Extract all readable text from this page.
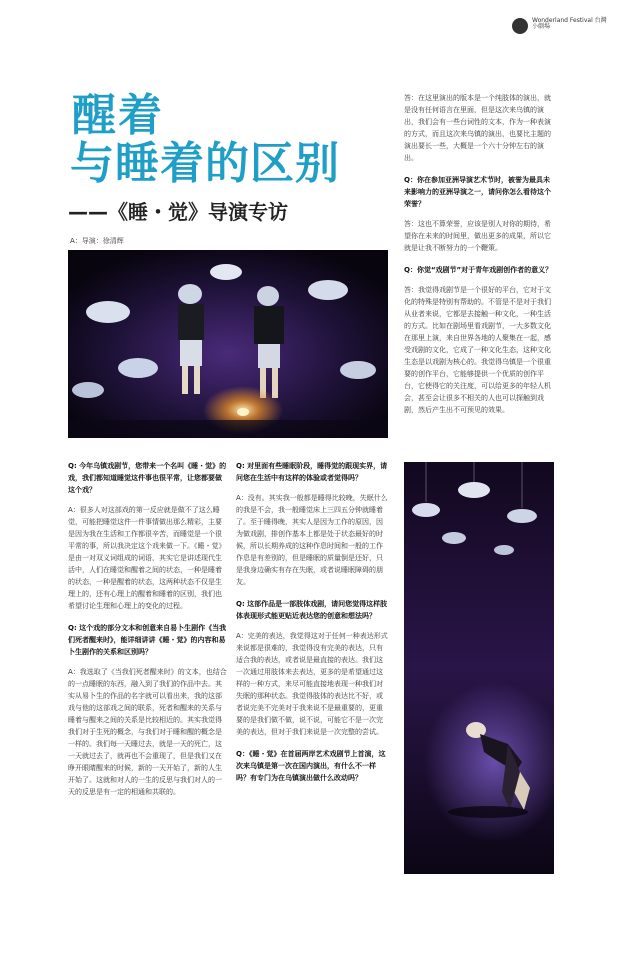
Wonderland Festival 台灣小劇場
醒着
与睡着的区别
——《睡・觉》导演专访
A：导演：徐清辉

Q: 今年乌镇戏剧节，您带来一个名叫《睡・觉》的戏，我们都知道睡觉这件事也很平常，让您都要做这个戏？

A：很多人对这部戏的第一反应就是做不了这么睡觉，可能把睡觉这件一件事情做出那么精彩，主要是因为我在生活和工作都很辛苦，而睡觉是一个很平常的事，所以我决定这个戏来做一下。《睡・觉》是由一对双义词组成的词语，其实它是讲述现代生活中，人们在睡觉和醒着之间的状态，一种是睡着的状态，一种是醒着的状态，这两种状态不仅是生理上的，还有心理上的醒着和睡着的区别，我们也希望讨论生理和心理上的变化的过程。

Q: 这个戏的部分文本和创意来自易卜生剧作《当我们死者醒来时》，能详细讲讲《睡・觉》的内容和易卜生剧作的关系和区别吗？

A：我选取了《当我们死者醒来时》的文本，也结合的一点睡眠的东西，融入到了我们的作品中去。其实从易卜生的作品的名字就可以看出来，我的这部戏与他的这部戏之间的联系，死者和醒来的关系与睡着与醒来之间的关系是比较相近的。其实我觉得我们对于生死的概念，与我们对于睡和醒的概念是一样的。我们每一天睡过去，就是一天的死亡，这一天就过去了，就再也不会重现了，但是我们又在睁开眼睛醒来的时候，新的一天开始了，新的人生开始了。这就和对人的一生的反思与我们对人的一天的反思是有一定的相通和共联的。

Q: 对里面有些睡眠阶段，睡得觉的跟现实界，请问您在生活中有这样的体验或者觉得吗？

A：没有。其实我一般都是睡得比较晚，失眠什么的我是不会，我一般睡觉床上三四五分钟就睡着了。至于睡得晚，其实人是因为工作的原因，因为做戏剧，排创作基本上都是处于状态最好的时候，所以长期养成的这种作息时间和一般的工作作息是有差别的，但是睡眠的质量倒是还好，只是我身边确实有存在失眠，或者说睡眠障碍的朋友。

Q: 这部作品是一部肢体戏剧，请问您觉得这样肢体表现形式能更贴近表达您的创意和想法吗？

A：完美的表达，我觉得这对于任何一种表达形式来说都是很难的，我觉得没有完美的表达，只有适合我的表达，或者说是最直接的表达。我们这一次通过用肢体来去表达，更多的是希望通过这样的一种方式，来尽可能直接地表现一种我们对失眠的那种状态。我觉得肢体的表达比不好，或者说完美不完美对于我来说不是最重要的，更重要的是我们做不做，说不说，可能它不是一次完美的表达，但对于我们来说是一次完整的尝试。

Q：《睡・觉》在首届两岸艺术戏剧节上首演，这次来乌镇是第一次在国内演出，有什么不一样吗？有专门为在乌镇演出做什么改动吗？

答：在这里演出的版本是一个纯肢体的演出，就是没有任何语言在里面，但是这次来乌镇的演出，我们会有一些台词性的文本，作为一种表演的方式，而且这次来乌镇的演出，也要比主题的演出要长一些，大概是一个六十分钟左右的演出。

Q：你在参加亚洲导演艺术节时，被誉为最具未来影响力的亚洲导演之一，请问你怎么看待这个荣誉？

答：这也不算荣誉，应该是别人对你的期待，希望你在未来的时间里，做出更多的成果，所以它就是让我不断努力的一个鞭策。

Q：你觉“戏剧节”对于青年戏剧创作者的意义？

答：我觉得戏剧节是一个很好的平台，它对于文化的特殊是特别有帮助的。不管是不是对于我们从业者来说，它都是去接触一种文化，一种生活的方式。比如在剧场里看戏剧节，一大多数文化在那里上演，来自世界各地的人聚集在一起，感受戏剧的文化，它成了一种文化生态，这种文化生态是以戏剧为核心的。我觉得乌镇是一个很重要的创作平台，它能够提供一个优质的创作平台，它使得它的关注度，可以给更多的年轻人机会，甚至会让很多不相关的人也可以探触到戏剧，然后产生出不可预见的效果。
